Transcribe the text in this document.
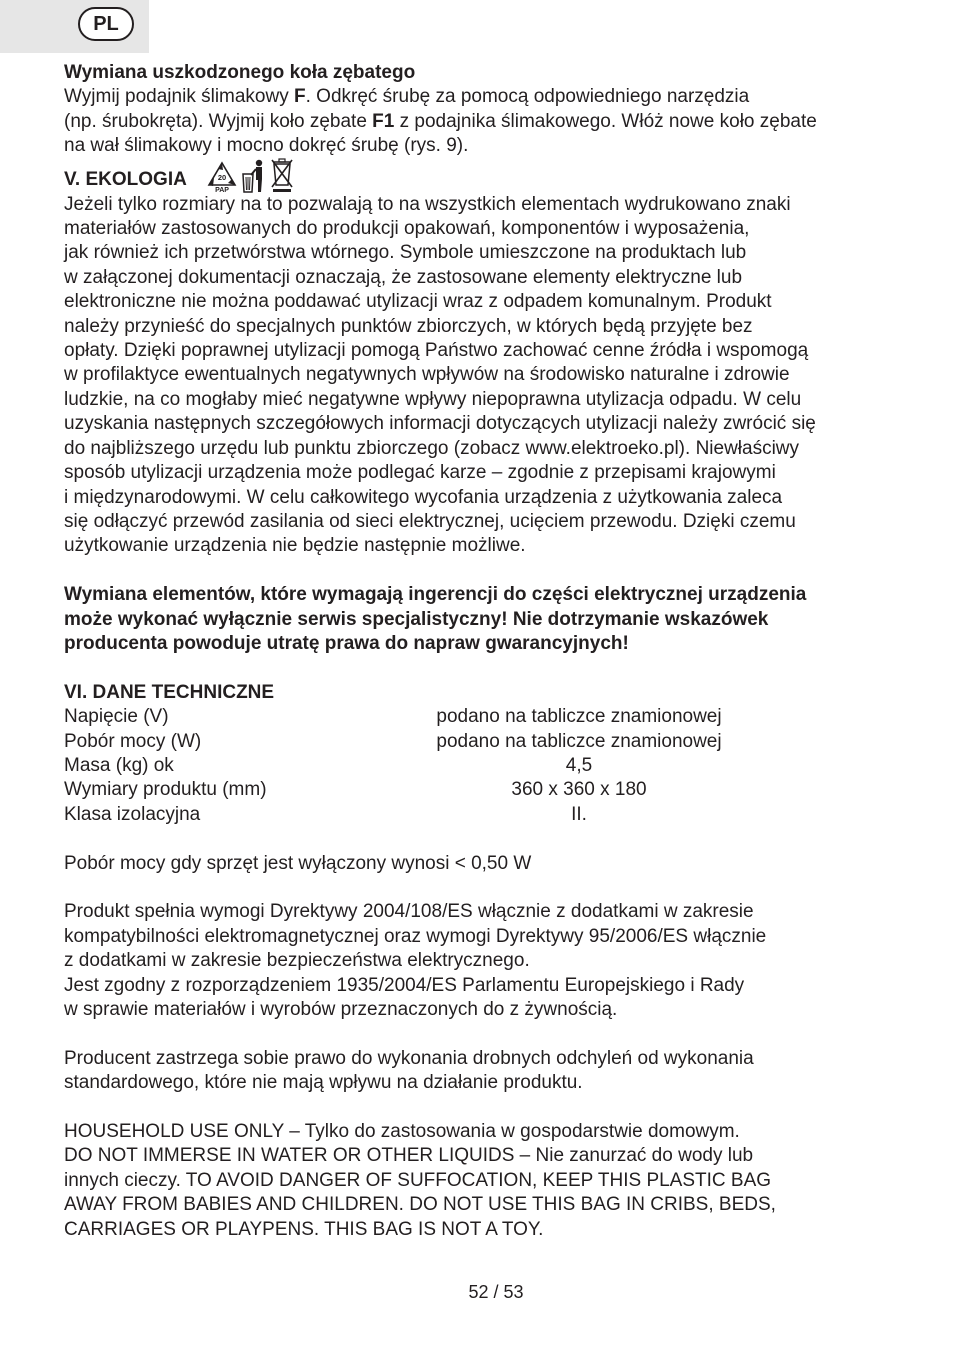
PL
Wymiana uszkodzonego koła zębatego
Wyjmij podajnik ślimakowy F. Odkręć śrubę za pomocą odpowiedniego narzędzia
(np. śrubokręta). Wyjmij koło zębate F1 z podajnika ślimakowego. Włóż nowe koło zębate
na wał ślimakowy i mocno dokręć śrubę (rys. 9).
V. EKOLOGIA	20
PAP
Jeżeli tylko rozmiary na to pozwalają to na wszystkich elementach wydrukowano znaki
materiałów zastosowanych do produkcji opakowań, komponentów i wyposażenia,
jak również ich przetwórstwa wtórnego. Symbole umieszczone na produktach lub
w załączonej dokumentacji oznaczają, że zastosowane elementy elektryczne lub
elektroniczne nie można poddawać utylizacji wraz z odpadem komunalnym. Produkt
należy przynieść do specjalnych punktów zbiorczych, w których będą przyjęte bez
opłaty. Dzięki poprawnej utylizacji pomogą Państwo zachować cenne źródła i wspomogą
w profilaktyce ewentualnych negatywnych wpływów na środowisko naturalne i zdrowie
ludzkie, na co mogłaby mieć negatywne wpływy niepoprawna utylizacja odpadu. W celu
uzyskania następnych szczegółowych informacji dotyczących utylizacji należy zwrócić się
do najbliższego urzędu lub punktu zbiorczego (zobacz www.elektroeko.pl). Niewłaściwy
sposób utylizacji urządzenia może podlegać karze – zgodnie z przepisami krajowymi
i międzynarodowymi. W celu całkowitego wycofania urządzenia z użytkowania zaleca
się odłączyć przewód zasilania od sieci elektrycznej, ucięciem przewodu. Dzięki czemu
użytkowanie urządzenia nie będzie następnie możliwe.
Wymiana elementów, które wymagają ingerencji do części elektrycznej urządzenia
może wykonać wyłącznie serwis specjalistyczny! Nie dotrzymanie wskazówek
producenta powoduje utratę prawa do napraw gwarancyjnych!
VI. DANE TECHNICZNE
Napięcie (V)	podano na tabliczce znamionowej
Pobór mocy (W)	podano na tabliczce znamionowej
Masa (kg) ok	4,5
Wymiary produktu (mm)	360 x 360 x 180
Klasa izolacyjna	II.
Pobór mocy gdy sprzęt jest wyłączony wynosi < 0,50 W
Produkt spełnia wymogi Dyrektywy 2004/108/ES włącznie z dodatkami w zakresie
kompatybilności elektromagnetycznej oraz wymogi Dyrektywy 95/2006/ES włącznie
z dodatkami w zakresie bezpieczeństwa elektrycznego.
Jest zgodny z rozporządzeniem 1935/2004/ES Parlamentu Europejskiego i Rady
w sprawie materiałów i wyrobów przeznaczonych do z żywnością.
Producent zastrzega sobie prawo do wykonania drobnych odchyleń od wykonania
standardowego, które nie mają wpływu na działanie produktu.
HOUSEHOLD USE ONLY – Tylko do zastosowania w gospodarstwie domowym.
DO NOT IMMERSE IN WATER OR OTHER LIQUIDS – Nie zanurzać do wody lub
innych cieczy. TO AVOID DANGER OF SUFFOCATION, KEEP THIS PLASTIC BAG
AWAY FROM BABIES AND CHILDREN. DO NOT USE THIS BAG IN CRIBS, BEDS,
CARRIAGES OR PLAYPENS. THIS BAG IS NOT A TOY.
52 / 53
